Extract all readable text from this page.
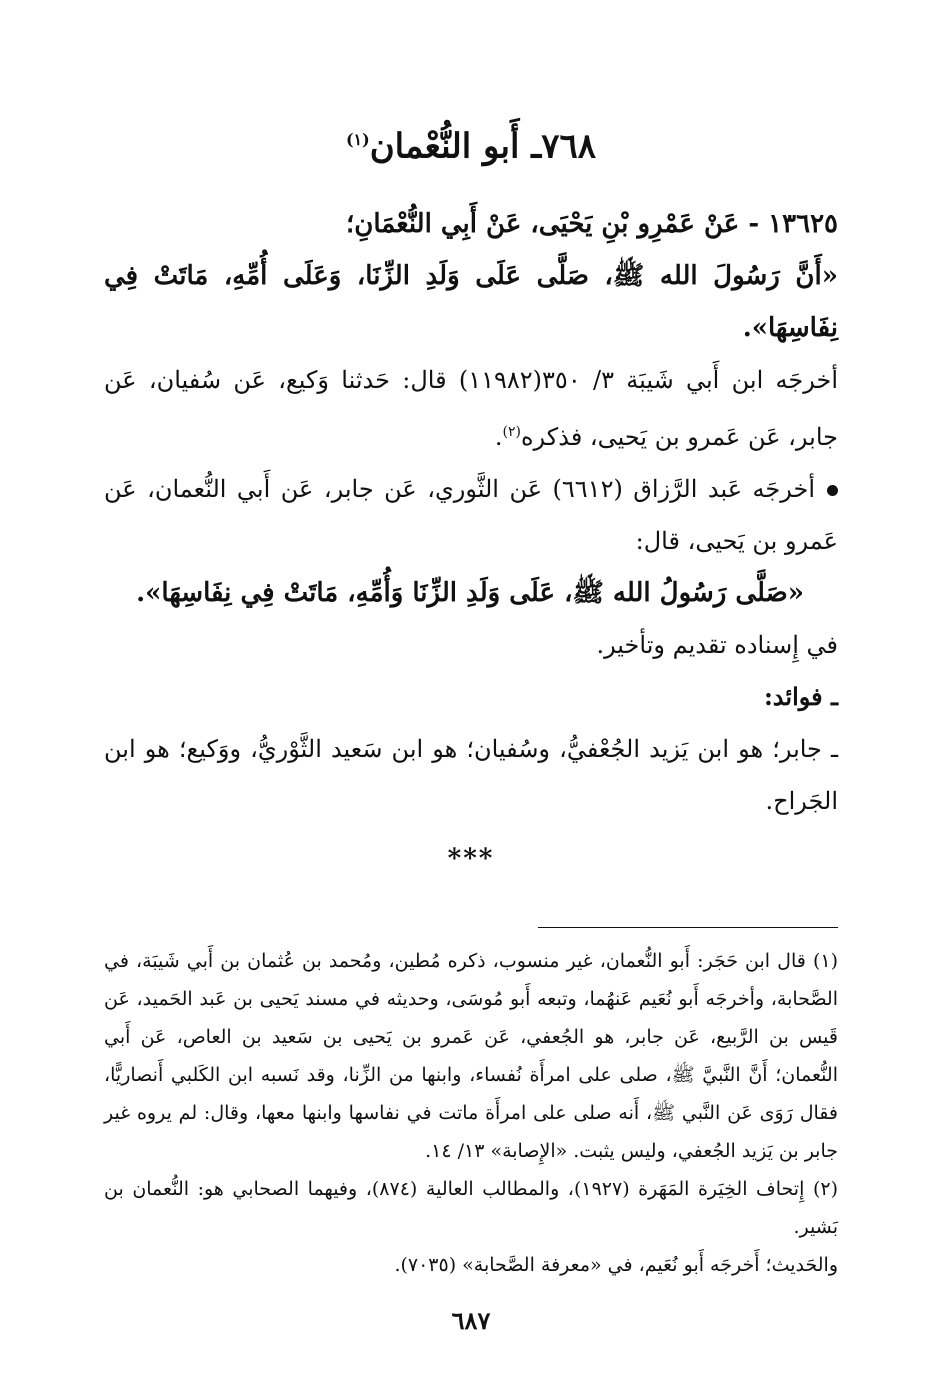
٧٦٨ـ أَبو النُّعْمان$^{(١)}$

١٣٦٢٥ - عَنْ عَمْرِو بْنِ يَحْيَى، عَنْ أَبِي النُّعْمَانِ؛

«أَنَّ رَسُولَ الله ﷺ، صَلَّى عَلَى وَلَدِ الزِّنَا، وَعَلَى أُمِّهِ، مَاتَتْ فِي نِفَاسِهَا».

أخرجَه ابن أَبي شَيبَة ٣/ ٣٥٠(١١٩٨٢) قال: حَدثنا وَكيع، عَن سُفيان، عَن جابر، عَن عَمرو بن يَحيى، فذكره$^{(٢)}$.

أخرجَه عَبد الرَّزاق (٦٦١٢) عَن الثَّوري، عَن جابر، عَن أَبي النُّعمان، عَن عَمرو بن يَحيى، قال:

«صَلَّى رَسُولُ الله ﷺ، عَلَى وَلَدِ الزِّنَا وَأُمِّهِ، مَاتَتْ فِي نِفَاسِهَا».

في إِسناده تقديم وتأخير.

ـ فوائد:

ـ جابر؛ هو ابن يَزيد الجُعْفيُّ، وسُفيان؛ هو ابن سَعيد الثَّوْريُّ، ووَكيع؛ هو ابن الجَراح.

***

(١) قال ابن حَجَر: أَبو النُّعمان، غير منسوب، ذكره مُطين، ومُحمد بن عُثمان بن أَبي شَيبَة، في الصَّحابة، وأخرجَه أَبو نُعَيم عَنهُما، وتبعه أَبو مُوسَى، وحديثه في مسند يَحيى بن عَبد الحَميد، عَن قَيس بن الرَّبيع، عَن جابر، هو الجُعفي، عَن عَمرو بن يَحيى بن سَعيد بن العاص، عَن أَبي النُّعمان؛ أَنَّ النَّبيَّ ﷺ، صلى على امرأَة نُفساء، وابنها من الزِّنا، وقد نَسبه ابن الكَلبي أَنصاريًّا، فقال رَوَى عَن النَّبي ﷺ، أَنه صلى على امرأَة ماتت في نفاسها وابنها معها، وقال: لم يروه غير جابر بن يَزيد الجُعفي، وليس يثبت. «الإِصابة» ١٣/ ١٤.

(٢) إِتحاف الخِيَرة المَهَرة (١٩٢٧)، والمطالب العالية (٨٧٤)، وفيهما الصحابي هو: النُّعمان بن بَشير.

والحَديث؛ أَخرجَه أَبو نُعَيم، في «معرفة الصَّحابة» (٧٠٣٥).

٦٨٧
